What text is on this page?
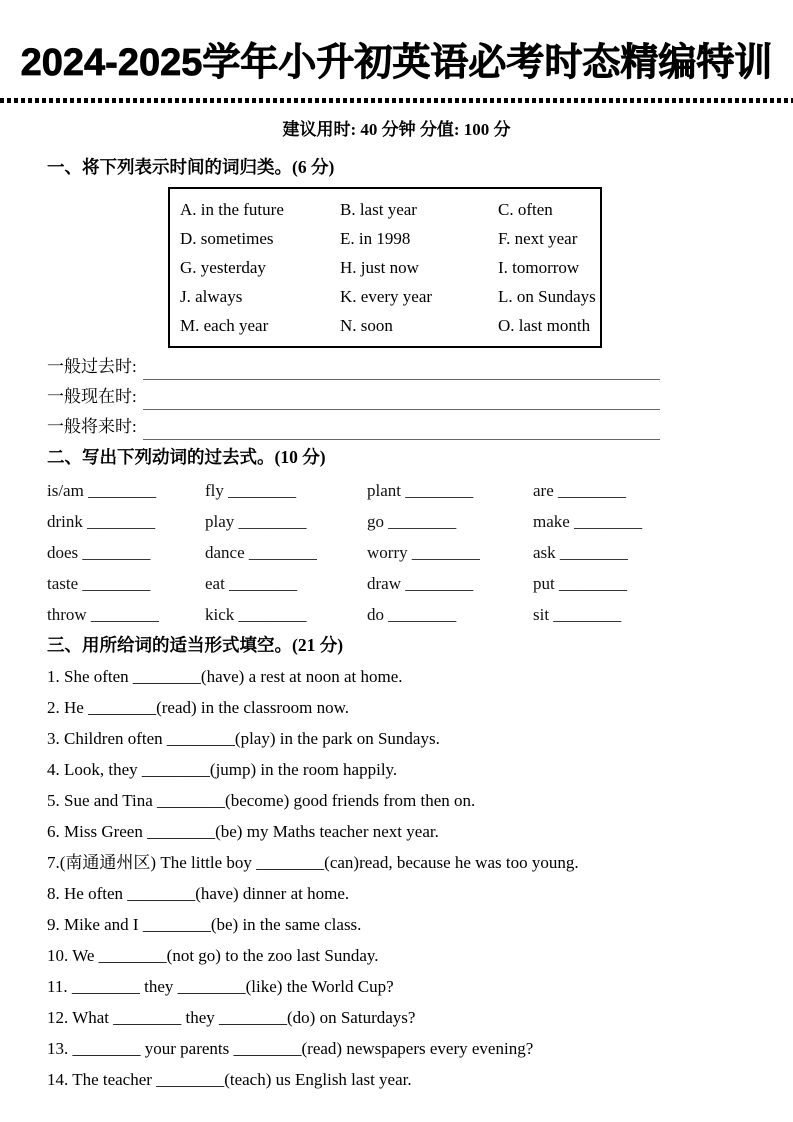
2024-2025学年小升初英语必考时态精编特训
建议用时: 40 分钟 分值: 100 分
一、将下列表示时间的词归类。(6 分)
A. in the future	B. last year	C. often
D. sometimes	E. in 1998	F. next year
G. yesterday	H. just now	I. tomorrow
J. always	K. every year	L. on Sundays
M. each year	N. soon	O. last month
一般过去时:
一般现在时:
一般将来时:
二、写出下列动词的过去式。(10 分)
is/am ________	fly ________	plant ________	are ________
drink ________	play ________	go ________	make ________
does ________	dance ________	worry ________	ask ________
taste ________	eat ________	draw ________	put ________
throw ________	kick ________	do ________	sit ________
三、用所给词的适当形式填空。(21 分)
1. She often ________(have) a rest at noon at home.
2. He ________(read) in the classroom now.
3. Children often ________(play) in the park on Sundays.
4. Look, they ________(jump) in the room happily.
5. Sue and Tina ________(become) good friends from then on.
6. Miss Green ________(be) my Maths teacher next year.
7.(南通通州区) The little boy ________(can)read, because he was too young.
8. He often ________(have) dinner at home.
9. Mike and I ________(be) in the same class.
10. We ________(not go) to the zoo last Sunday.
11. ________ they ________(like) the World Cup?
12. What ________ they ________(do) on Saturdays?
13. ________ your parents ________(read) newspapers every evening?
14. The teacher ________(teach) us English last year.
